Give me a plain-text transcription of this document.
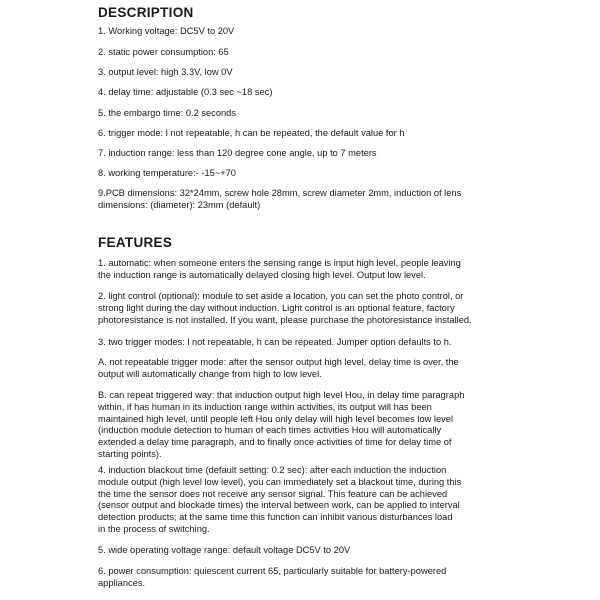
DESCRIPTION

1. Working voltage: DC5V to 20V

2. static power consumption: 65

3. output level: high 3.3V, low 0V

4. delay time: adjustable (0.3 sec ~18 sec)

5. the embargo time: 0.2 seconds

6. trigger mode: l not repeatable, h can be repeated, the default value for h

7. induction range: less than 120 degree cone angle, up to 7 meters

8. working temperature:- -15~+70

9.PCB dimensions: 32*24mm, screw hole 28mm, screw diameter 2mm, induction of lens
dimensions: (diameter): 23mm (default)

FEATURES

1. automatic: when someone enters the sensing range is input high level, people leaving
the induction range is automatically delayed closing high level. Output low level.

2. light control (optional): module to set aside a location, you can set the photo control, or
strong light during the day without induction. Light control is an optional feature, factory
photoresistance is not installed. If you want, please purchase the photoresistance installed.

3. two trigger modes: l not repeatable, h can be repeated. Jumper option defaults to h.

A. not repeatable trigger mode: after the sensor output high level, delay time is over, the
output will automatically change from high to low level.

B. can repeat triggered way: that induction output high level Hou, in delay time paragraph
within, if has human in its induction range within activities, its output will has been
maintained high level, until people left Hou only delay will high level becomes low level
(induction module detection to human of each times activities Hou will automatically
extended a delay time paragraph, and to finally once activities of time for delay time of
starting points).

4. induction blackout time (default setting: 0.2 sec): after each induction the induction
module output (high level low level), you can immediately set a blackout time, during this
the time the sensor does not receive any sensor signal. This feature can be achieved
(sensor output and blockade times) the interval between work, can be applied to interval
detection products; at the same time this function can inhibit various disturbances load
in the process of switching.

5. wide operating voltage range: default voltage DC5V to 20V

6. power consumption: quiescent current 65, particularly suitable for battery-powered
appliances.
